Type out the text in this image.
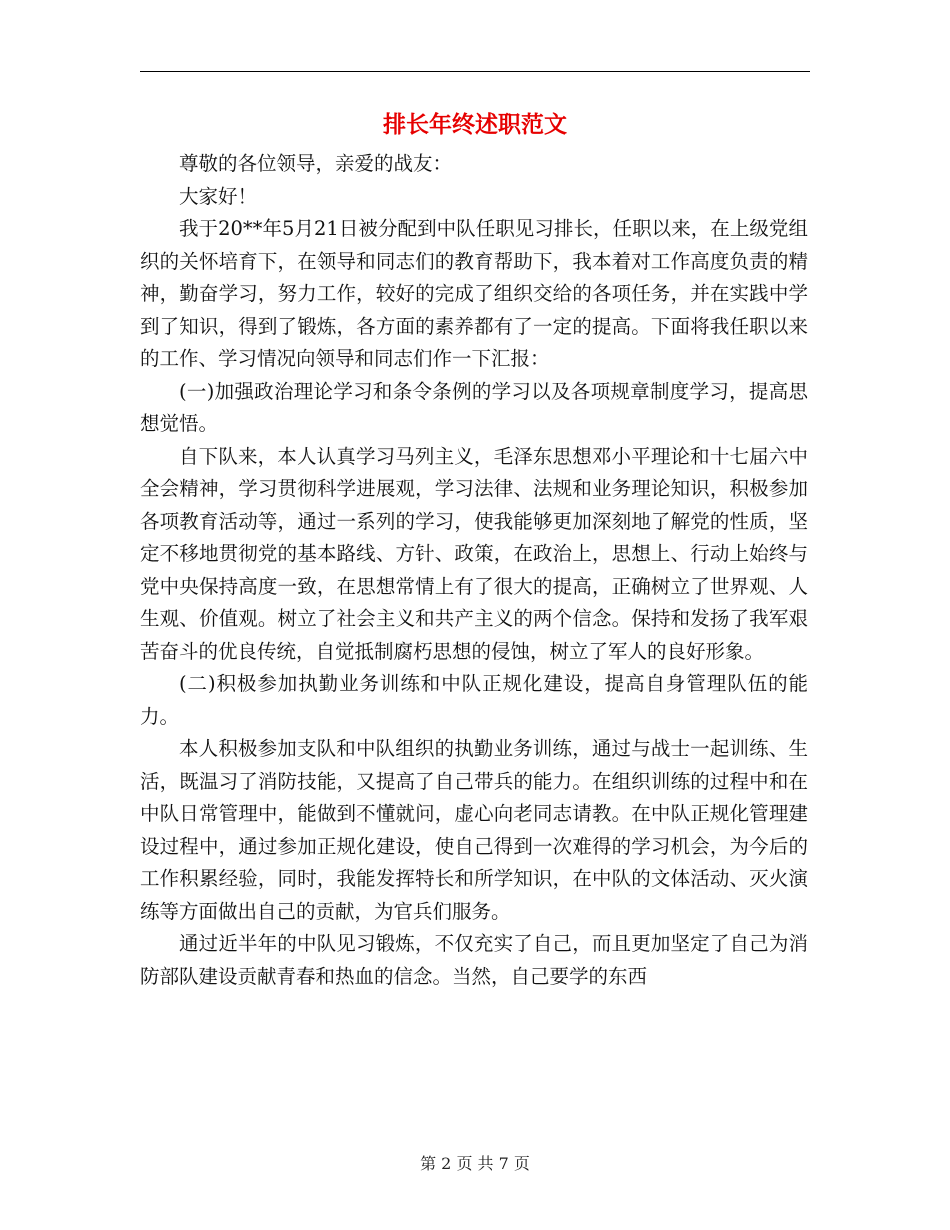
排长年终述职范文

尊敬的各位领导，亲爱的战友：

大家好！

我于20**年5月21日被分配到中队任职见习排长，任职以来，在上级党组织的关怀培育下，在领导和同志们的教育帮助下，我本着对工作高度负责的精神，勤奋学习，努力工作，较好的完成了组织交给的各项任务，并在实践中学到了知识，得到了锻炼，各方面的素养都有了一定的提高。下面将我任职以来的工作、学习情况向领导和同志们作一下汇报：

(一)加强政治理论学习和条令条例的学习以及各项规章制度学习，提高思想觉悟。

自下队来，本人认真学习马列主义，毛泽东思想邓小平理论和十七届六中全会精神，学习贯彻科学进展观，学习法律、法规和业务理论知识，积极参加各项教育活动等，通过一系列的学习，使我能够更加深刻地了解党的性质，坚定不移地贯彻党的基本路线、方针、政策，在政治上，思想上、行动上始终与党中央保持高度一致，在思想常情上有了很大的提高，正确树立了世界观、人生观、价值观。树立了社会主义和共产主义的两个信念。保持和发扬了我军艰苦奋斗的优良传统，自觉抵制腐朽思想的侵蚀，树立了军人的良好形象。

(二)积极参加执勤业务训练和中队正规化建设，提高自身管理队伍的能力。

本人积极参加支队和中队组织的执勤业务训练，通过与战士一起训练、生活，既温习了消防技能，又提高了自己带兵的能力。在组织训练的过程中和在中队日常管理中，能做到不懂就问，虚心向老同志请教。在中队正规化管理建设过程中，通过参加正规化建设，使自己得到一次难得的学习机会，为今后的工作积累经验，同时，我能发挥特长和所学知识，在中队的文体活动、灭火演练等方面做出自己的贡献，为官兵们服务。

通过近半年的中队见习锻炼，不仅充实了自己，而且更加坚定了自己为消防部队建设贡献青春和热血的信念。当然，自己要学的东西

第 2 页 共 7 页
